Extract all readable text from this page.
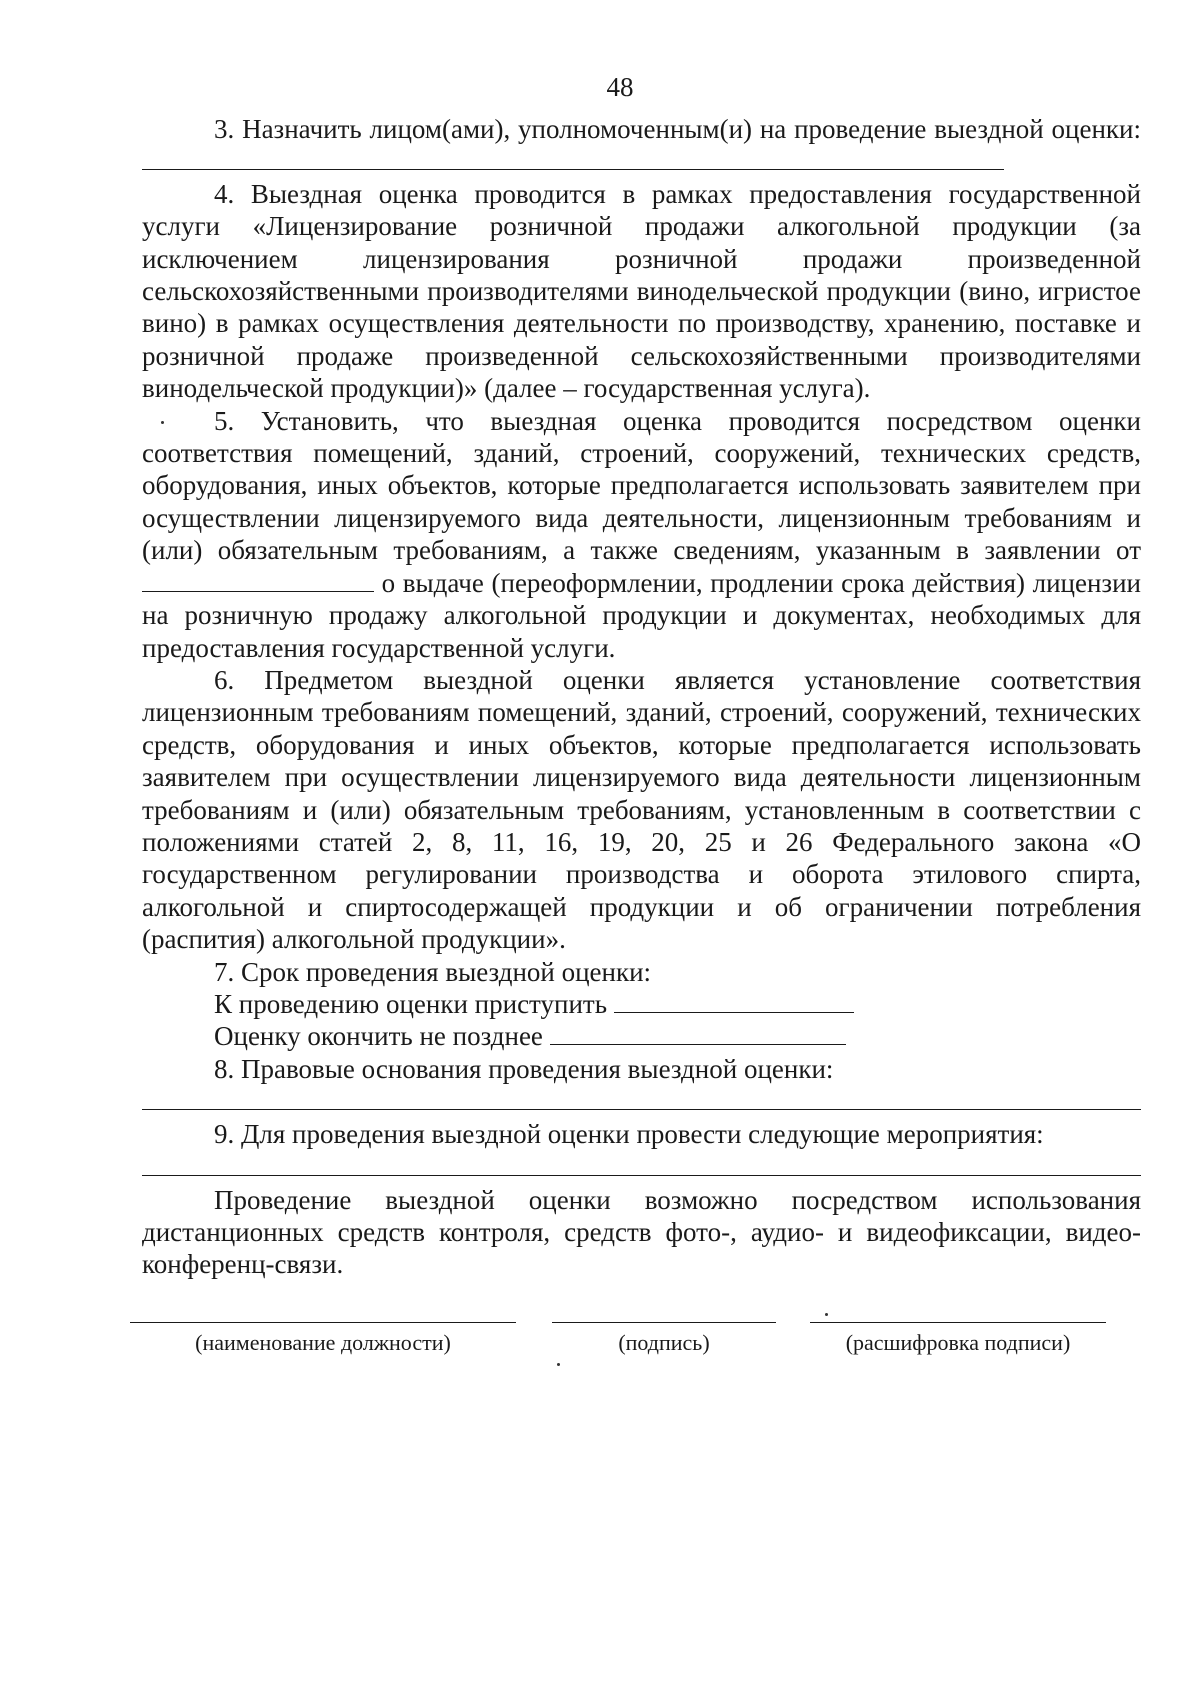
48

3. Назначить лицом(ами), уполномоченным(и) на проведение выездной оценки:

4. Выездная оценка проводится в рамках предоставления государственной услуги «Лицензирование розничной продажи алкогольной продукции (за исключением лицензирования розничной продажи произведенной сельскохозяйственными производителями винодельческой продукции (вино, игристое вино) в рамках осуществления деятельности по производству, хранению, поставке и розничной продаже произведенной сельскохозяйственными производителями винодельческой продукции)» (далее – государственная услуга).

5. Установить, что выездная оценка проводится посредством оценки соответствия помещений, зданий, строений, сооружений, технических средств, оборудования, иных объектов, которые предполагается использовать заявителем при осуществлении лицензируемого вида деятельности, лицензионным требованиям и (или) обязательным требованиям, а также сведениям, указанным в заявлении от  о выдаче (переоформлении, продлении срока действия) лицензии на розничную продажу алкогольной продукции и документах, необходимых для предоставления государственной услуги.

6. Предметом выездной оценки является установление соответствия лицензионным требованиям помещений, зданий, строений, сооружений, технических средств, оборудования и иных объектов, которые предполагается использовать заявителем при осуществлении лицензируемого вида деятельности лицензионным требованиям и (или) обязательным требованиям, установленным в соответствии с положениями статей 2, 8, 11, 16, 19, 20, 25 и 26 Федерального закона «О государственном регулировании производства и оборота этилового спирта, алкогольной и спиртосодержащей продукции и об ограничении потребления (распития) алкогольной продукции».

7. Срок проведения выездной оценки:

К проведению оценки приступить

Оценку окончить не позднее

8. Правовые основания проведения выездной оценки:

9. Для проведения выездной оценки провести следующие мероприятия:

Проведение выездной оценки возможно посредством использования дистанционных средств контроля, средств фото-, аудио- и видеофиксации, видео-конференц-связи.

(наименование должности)	(подпись)	(расшифровка подписи)
